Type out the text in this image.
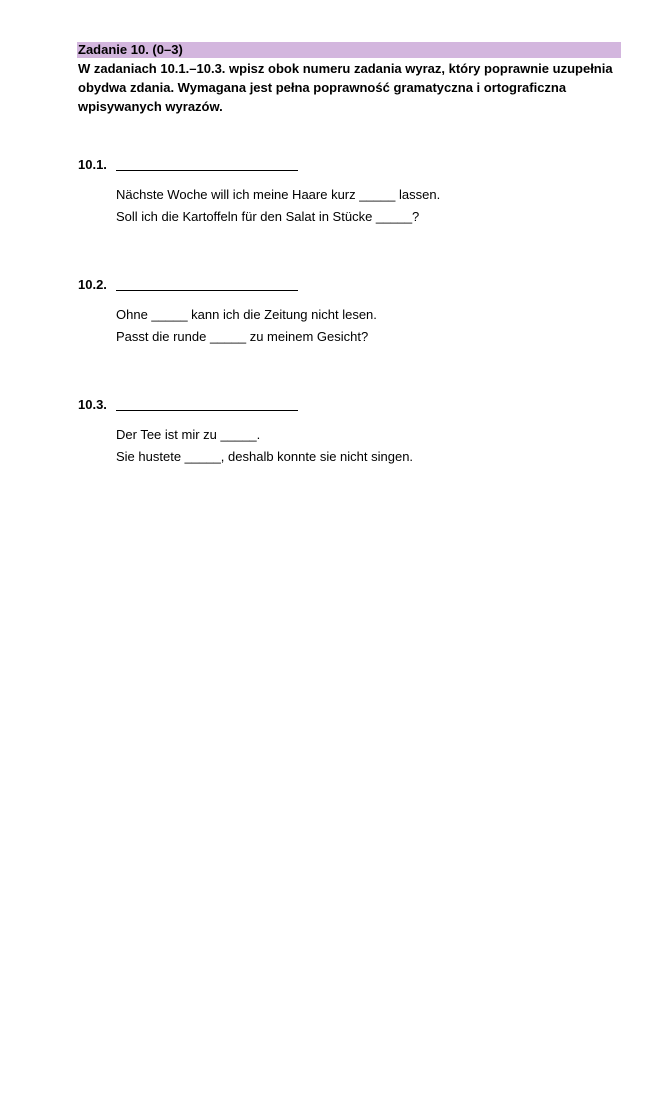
Zadanie 10. (0–3)
W zadaniach 10.1.–10.3. wpisz obok numeru zadania wyraz, który poprawnie uzupełnia obydwa zdania. Wymagana jest pełna poprawność gramatyczna i ortograficzna wpisywanych wyrazów.
10.1.
Nächste Woche will ich meine Haare kurz _____ lassen.
Soll ich die Kartoffeln für den Salat in Stücke _____?
10.2.
Ohne _____ kann ich die Zeitung nicht lesen.
Passt die runde _____ zu meinem Gesicht?
10.3.
Der Tee ist mir zu _____.
Sie hustete _____, deshalb konnte sie nicht singen.
